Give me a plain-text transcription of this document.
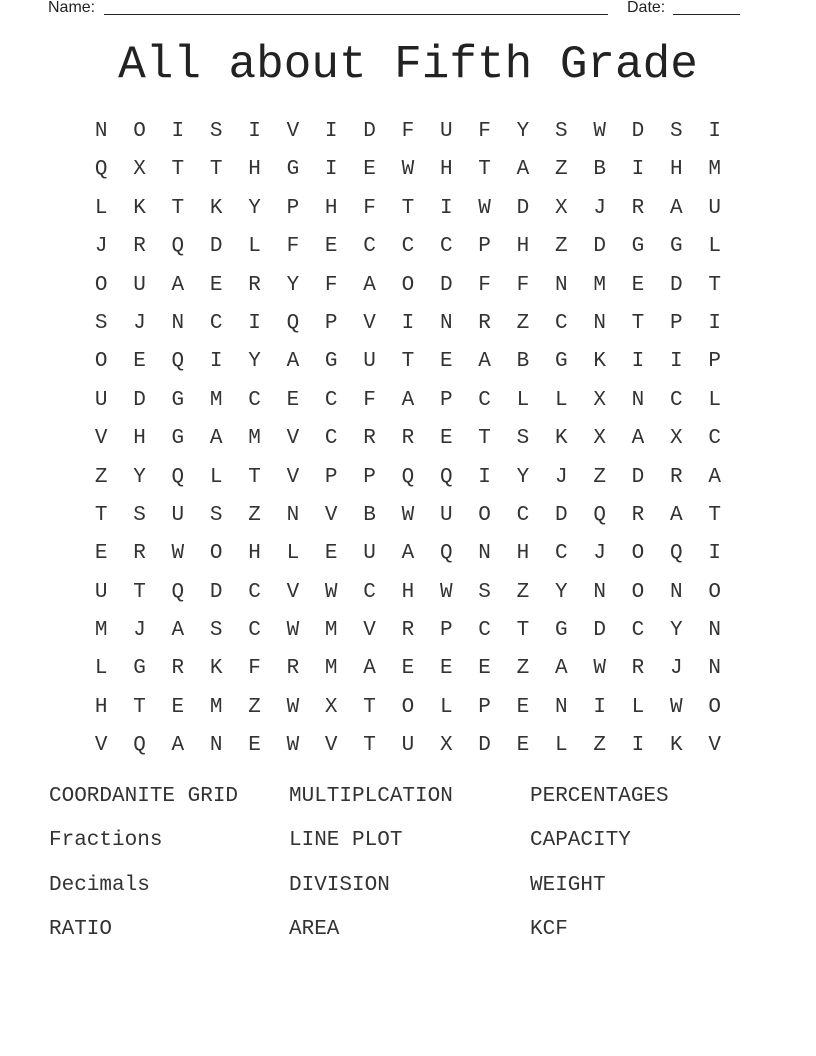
Name:	Date:
All about Fifth Grade
N	O	I	S	I	V	I	D	F	U	F	Y	S	W	D	S	I
Q	X	T	T	H	G	I	E	W	H	T	A	Z	B	I	H	M
L	K	T	K	Y	P	H	F	T	I	W	D	X	J	R	A	U
J	R	Q	D	L	F	E	C	C	C	P	H	Z	D	G	G	L
O	U	A	E	R	Y	F	A	O	D	F	F	N	M	E	D	T
S	J	N	C	I	Q	P	V	I	N	R	Z	C	N	T	P	I
O	E	Q	I	Y	A	G	U	T	E	A	B	G	K	I	I	P
U	D	G	M	C	E	C	F	A	P	C	L	L	X	N	C	L
V	H	G	A	M	V	C	R	R	E	T	S	K	X	A	X	C
Z	Y	Q	L	T	V	P	P	Q	Q	I	Y	J	Z	D	R	A
T	S	U	S	Z	N	V	B	W	U	O	C	D	Q	R	A	T
E	R	W	O	H	L	E	U	A	Q	N	H	C	J	O	Q	I
U	T	Q	D	C	V	W	C	H	W	S	Z	Y	N	O	N	O
M	J	A	S	C	W	M	V	R	P	C	T	G	D	C	Y	N
L	G	R	K	F	R	M	A	E	E	E	Z	A	W	R	J	N
H	T	E	M	Z	W	X	T	O	L	P	E	N	I	L	W	O
V	Q	A	N	E	W	V	T	U	X	D	E	L	Z	I	K	V
COORDANITE GRID	MULTIPLCATION	PERCENTAGES
Fractions	LINE PLOT	CAPACITY
Decimals	DIVISION	WEIGHT
RATIO	AREA	KCF
